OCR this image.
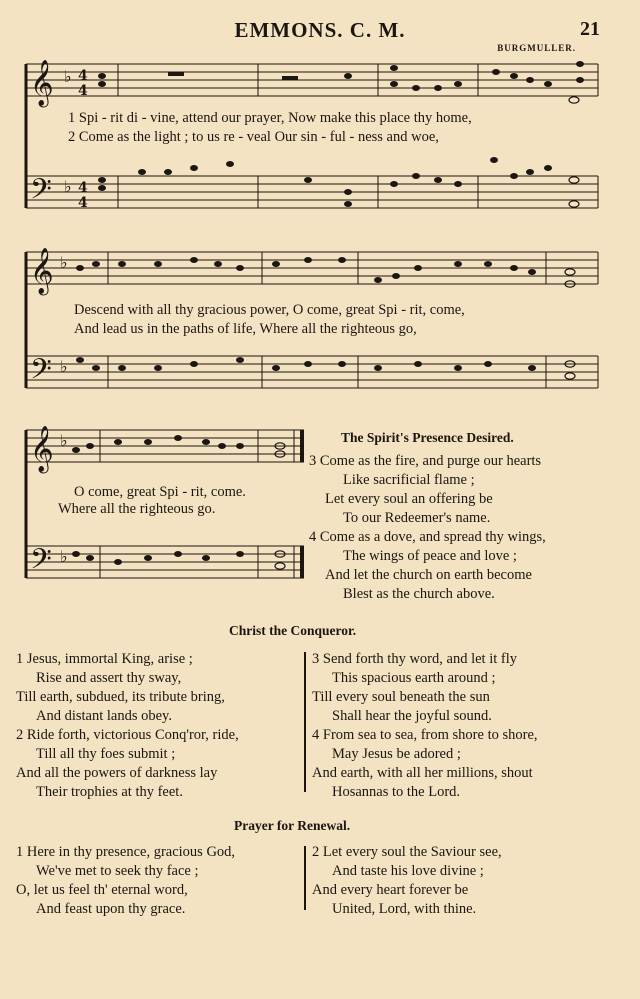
EMMONS. C. M.	21
BURGMULLER.
𝄞
𝄢
♭
♭
4
4
4
4
1 Spi - rit di - vine, attend our prayer, Now make this place thy home,
2 Come as the light ; to us re - veal Our sin - ful - ness and woe,
𝄞
𝄢
♭
♭
Descend with all thy gracious power, O come, great Spi - rit, come,
And lead us in the paths of life, Where all the righteous go,
𝄞
𝄢
♭
♭
O come, great Spi - rit, come.
Where all the righteous go.
The Spirit's Presence Desired.
3 Come as the fire, and purge our hearts
Like sacrificial flame ;
Let every soul an offering be
To our Redeemer's name.
4 Come as a dove, and spread thy wings,
The wings of peace and love ;
And let the church on earth become
Blest as the church above.
Christ the Conqueror.
1 Jesus, immortal King, arise ;
Rise and assert thy sway,
Till earth, subdued, its tribute bring,
And distant lands obey.
2 Ride forth, victorious Conq'ror, ride,
Till all thy foes submit ;
And all the powers of darkness lay
Their trophies at thy feet.
3 Send forth thy word, and let it fly
This spacious earth around ;
Till every soul beneath the sun
Shall hear the joyful sound.
4 From sea to sea, from shore to shore,
May Jesus be adored ;
And earth, with all her millions, shout
Hosannas to the Lord.
Prayer for Renewal.
1 Here in thy presence, gracious God,
We've met to seek thy face ;
O, let us feel th' eternal word,
And feast upon thy grace.
2 Let every soul the Saviour see,
And taste his love divine ;
And every heart forever be
United, Lord, with thine.
